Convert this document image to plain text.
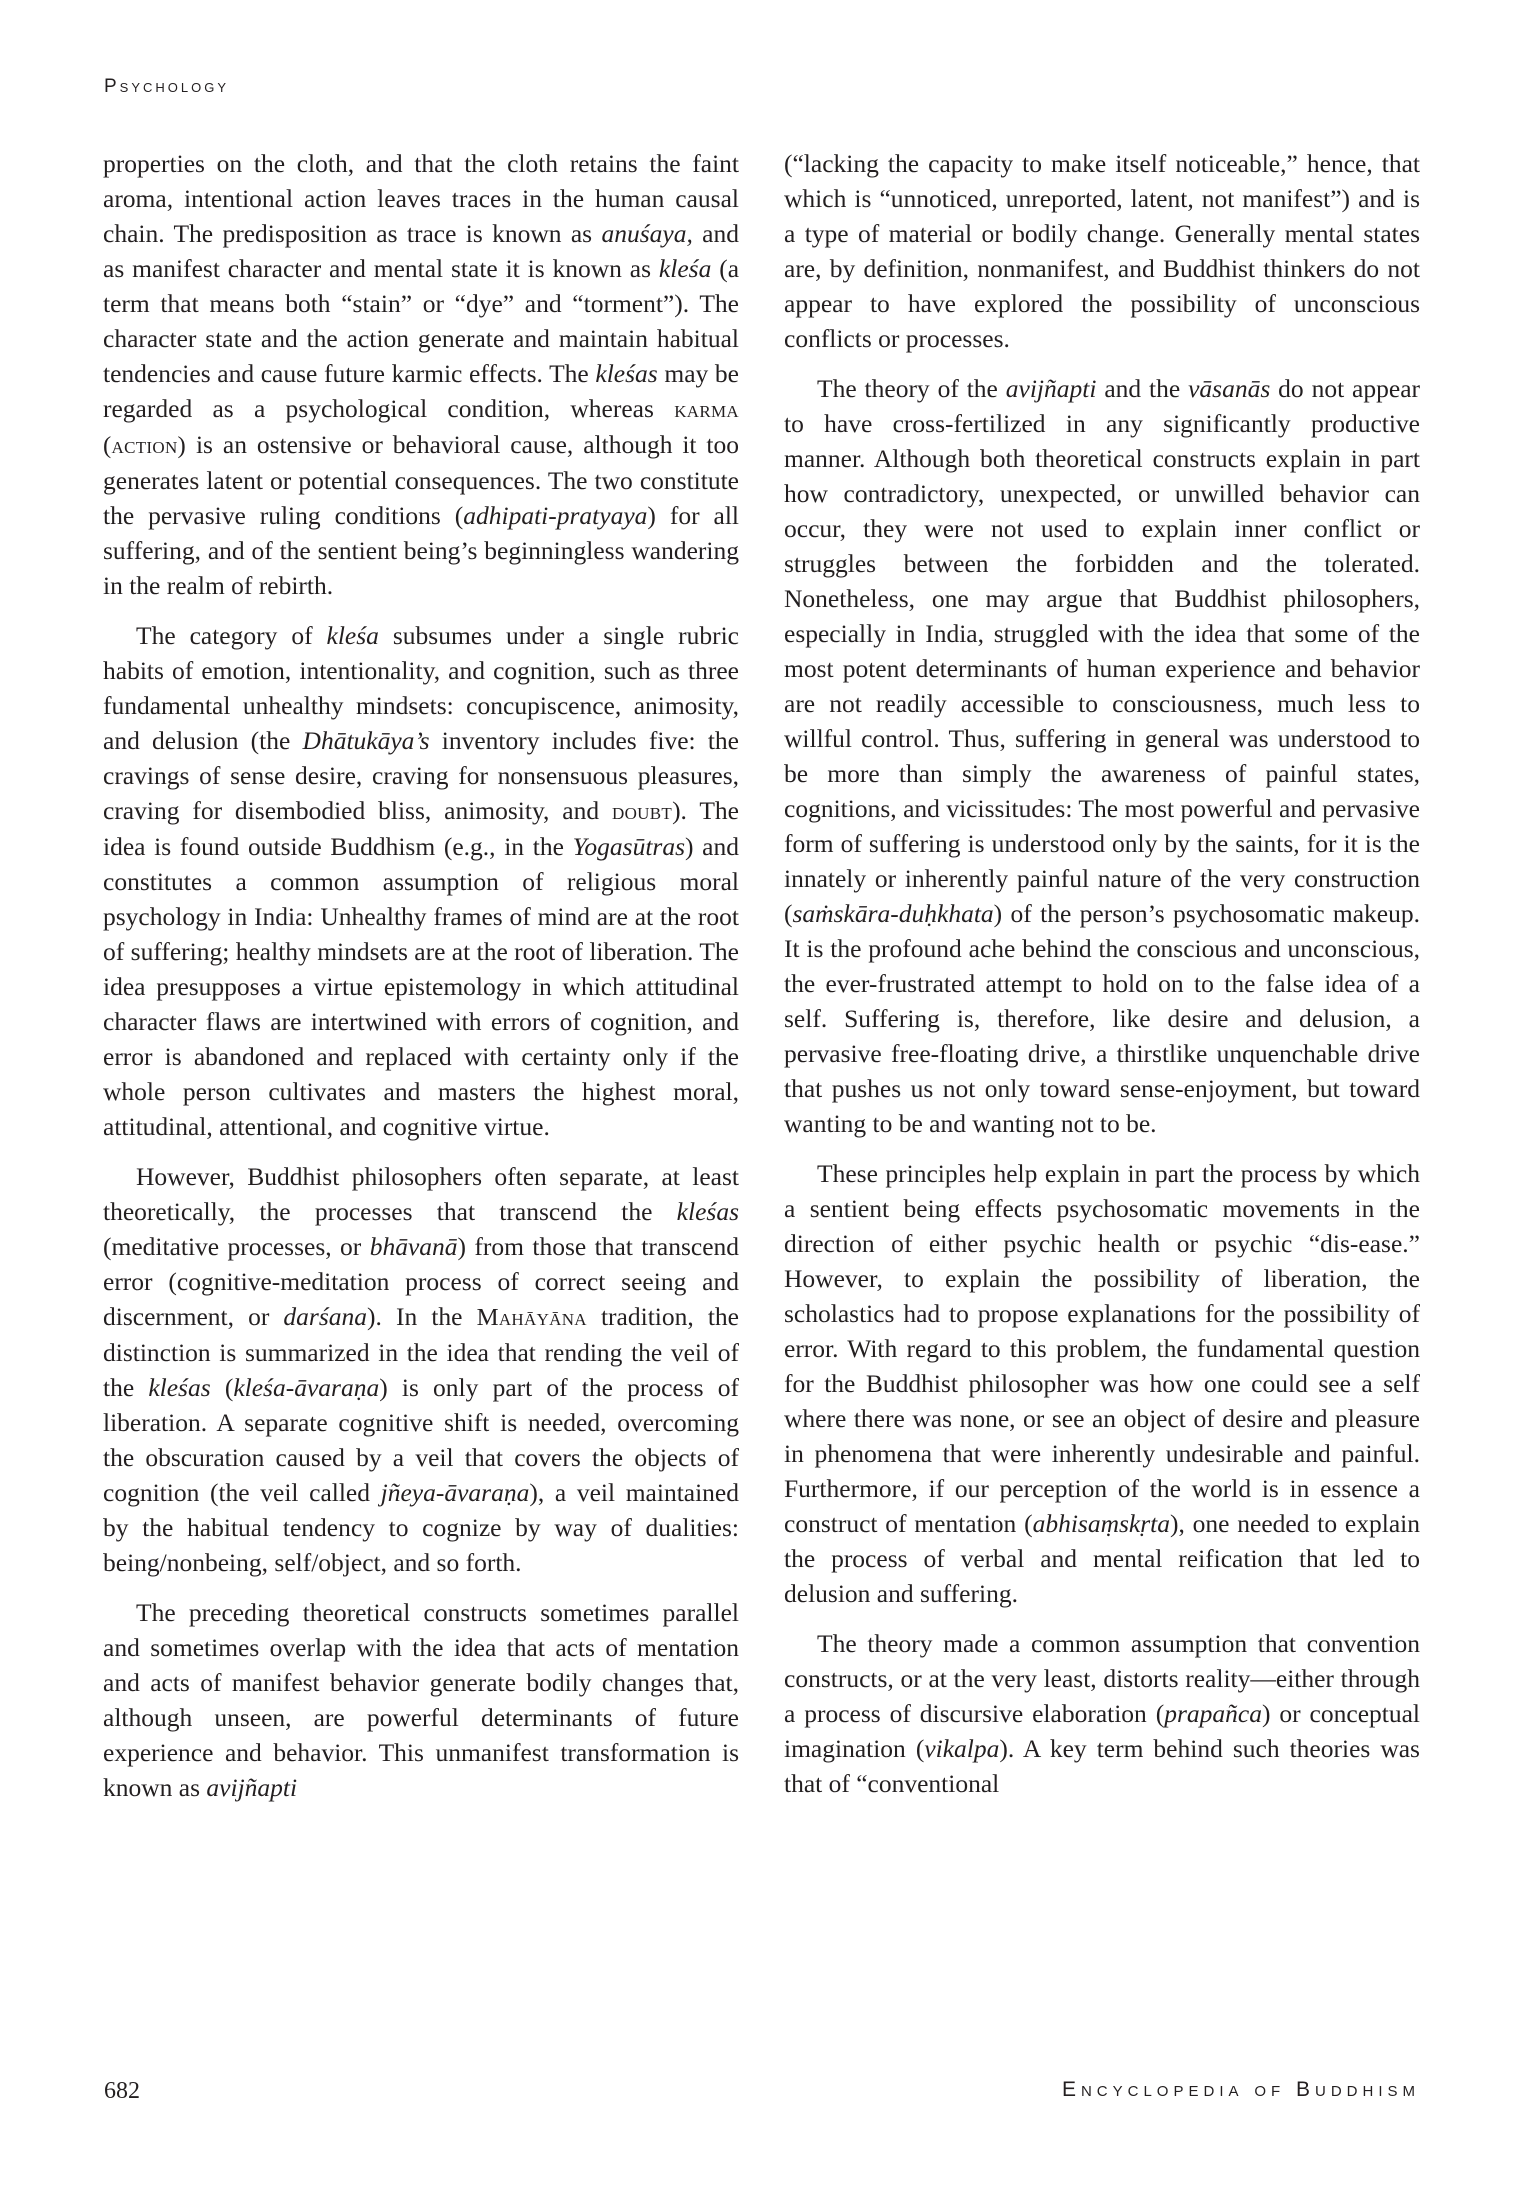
Psychology

properties on the cloth, and that the cloth retains the faint aroma, intentional action leaves traces in the human causal chain. The predisposition as trace is known as anuśaya, and as manifest character and mental state it is known as kleśa (a term that means both “stain” or “dye” and “torment”). The character state and the action generate and maintain habitual tendencies and cause future karmic effects. The kleśas may be regarded as a psychological condition, whereas karma (action) is an ostensive or behavioral cause, although it too generates latent or potential consequences. The two constitute the pervasive ruling conditions (adhipati-pratyaya) for all suffering, and of the sentient being’s beginningless wandering in the realm of rebirth.

The category of kleśa subsumes under a single rubric habits of emotion, intentionality, and cognition, such as three fundamental unhealthy mindsets: concupiscence, animosity, and delusion (the Dhātukāya’s inventory includes five: the cravings of sense desire, craving for nonsensuous pleasures, craving for disembodied bliss, animosity, and doubt). The idea is found outside Buddhism (e.g., in the Yogasūtras) and constitutes a common assumption of religious moral psychology in India: Unhealthy frames of mind are at the root of suffering; healthy mindsets are at the root of liberation. The idea presupposes a virtue epistemology in which attitudinal character flaws are intertwined with errors of cognition, and error is abandoned and replaced with certainty only if the whole person cultivates and masters the highest moral, attitudinal, attentional, and cognitive virtue.

However, Buddhist philosophers often separate, at least theoretically, the processes that transcend the kleśas (meditative processes, or bhāvanā) from those that transcend error (cognitive-meditation process of correct seeing and discernment, or darśana). In the Mahāyāna tradition, the distinction is summarized in the idea that rending the veil of the kleśas (kleśa-āvaraṇa) is only part of the process of liberation. A separate cognitive shift is needed, overcoming the obscuration caused by a veil that covers the objects of cognition (the veil called jñeya-āvaraṇa), a veil maintained by the habitual tendency to cognize by way of dualities: being/nonbeing, self/object, and so forth.

The preceding theoretical constructs sometimes parallel and sometimes overlap with the idea that acts of mentation and acts of manifest behavior generate bodily changes that, although unseen, are powerful determinants of future experience and behavior. This unmanifest transformation is known as avijñapti

(“lacking the capacity to make itself noticeable,” hence, that which is “unnoticed, unreported, latent, not manifest”) and is a type of material or bodily change. Generally mental states are, by definition, nonmanifest, and Buddhist thinkers do not appear to have explored the possibility of unconscious conflicts or processes.

The theory of the avijñapti and the vāsanās do not appear to have cross-fertilized in any significantly productive manner. Although both theoretical constructs explain in part how contradictory, unexpected, or unwilled behavior can occur, they were not used to explain inner conflict or struggles between the forbidden and the tolerated. Nonetheless, one may argue that Buddhist philosophers, especially in India, struggled with the idea that some of the most potent determinants of human experience and behavior are not readily accessible to consciousness, much less to willful control. Thus, suffering in general was understood to be more than simply the awareness of painful states, cognitions, and vicissitudes: The most powerful and pervasive form of suffering is understood only by the saints, for it is the innately or inherently painful nature of the very construction (saṁskāra-duḥkhata) of the person’s psychosomatic makeup. It is the profound ache behind the conscious and unconscious, the ever-frustrated attempt to hold on to the false idea of a self. Suffering is, therefore, like desire and delusion, a pervasive free-floating drive, a thirstlike unquenchable drive that pushes us not only toward sense-enjoyment, but toward wanting to be and wanting not to be.

These principles help explain in part the process by which a sentient being effects psychosomatic movements in the direction of either psychic health or psychic “dis-ease.” However, to explain the possibility of liberation, the scholastics had to propose explanations for the possibility of error. With regard to this problem, the fundamental question for the Buddhist philosopher was how one could see a self where there was none, or see an object of desire and pleasure in phenomena that were inherently undesirable and painful. Furthermore, if our perception of the world is in essence a construct of mentation (abhisaṃskṛta), one needed to explain the process of verbal and mental reification that led to delusion and suffering.

The theory made a common assumption that convention constructs, or at the very least, distorts reality—either through a process of discursive elaboration (prapañca) or conceptual imagination (vikalpa). A key term behind such theories was that of “conventional

682	Encyclopedia of Buddhism
